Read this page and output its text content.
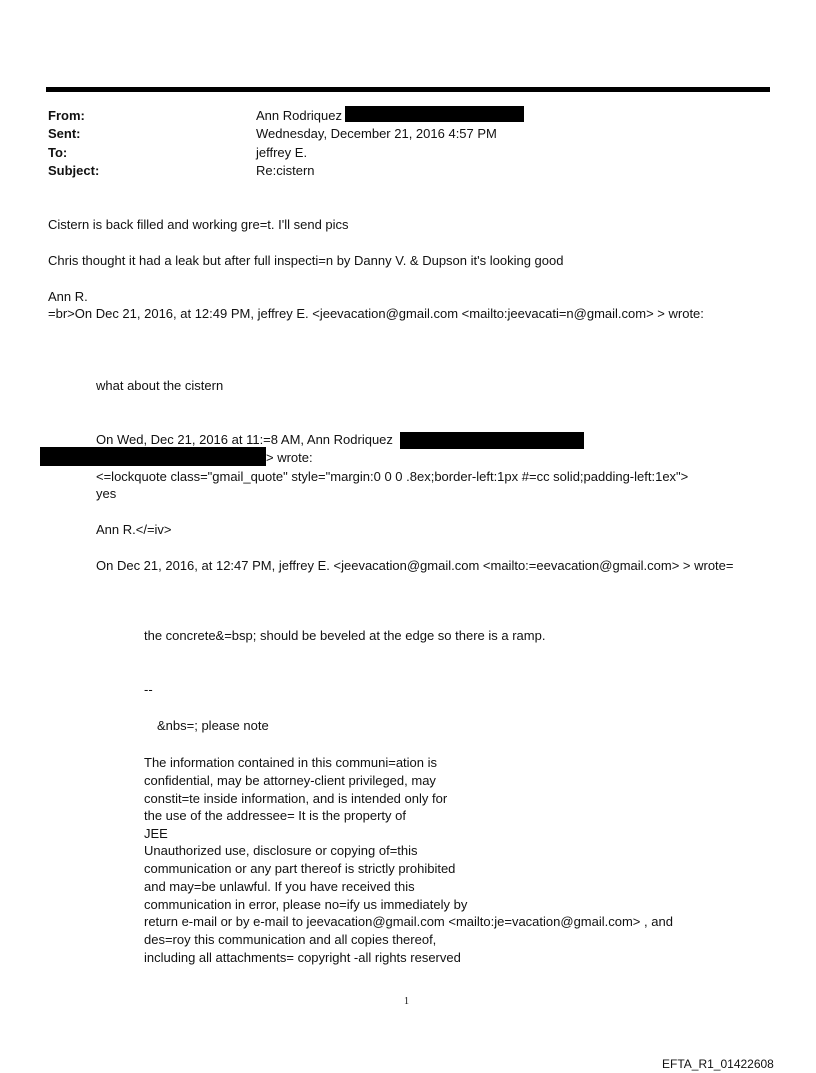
From:	Ann Rodriquez
Sent:	Wednesday, December 21, 2016 4:57 PM
To:	jeffrey E.
Subject:	Re:cistern
Cistern is back filled and working gre=t. I'll send pics
Chris thought it had a leak but after full inspecti=n by Danny V. & Dupson it's looking good
Ann R.
=br>On Dec 21, 2016, at 12:49 PM, jeffrey E. <jeevacation@gmail.com <mailto:jeevacati=n@gmail.com> > wrote:
what about the cistern
On Wed, Dec 21, 2016 at 11:=8 AM, Ann Rodriquez
> wrote:
<=lockquote class="gmail_quote" style="margin:0 0 0 .8ex;border-left:1px #=cc solid;padding-left:1ex">
yes
Ann R.</=iv>
On Dec 21, 2016, at 12:47 PM, jeffrey E. <jeevacation@gmail.com <mailto:=eevacation@gmail.com> > wrote=
the concrete&=bsp; should be beveled at the edge so there is a ramp.
--
&nbs=; please note
The information contained in this communi=ation is
confidential, may be attorney-client privileged, may
constit=te inside information, and is intended only for
the use of the addressee= It is the property of
JEE
Unauthorized use, disclosure or copying of=this
communication or any part thereof is strictly prohibited
and may=be unlawful. If you have received this
communication in error, please no=ify us immediately by
return e-mail or by e-mail to jeevacation@gmail.com <mailto:je=vacation@gmail.com> , and
des=roy this communication and all copies thereof,
including all attachments= copyright -all rights reserved
1
EFTA_R1_01422608
